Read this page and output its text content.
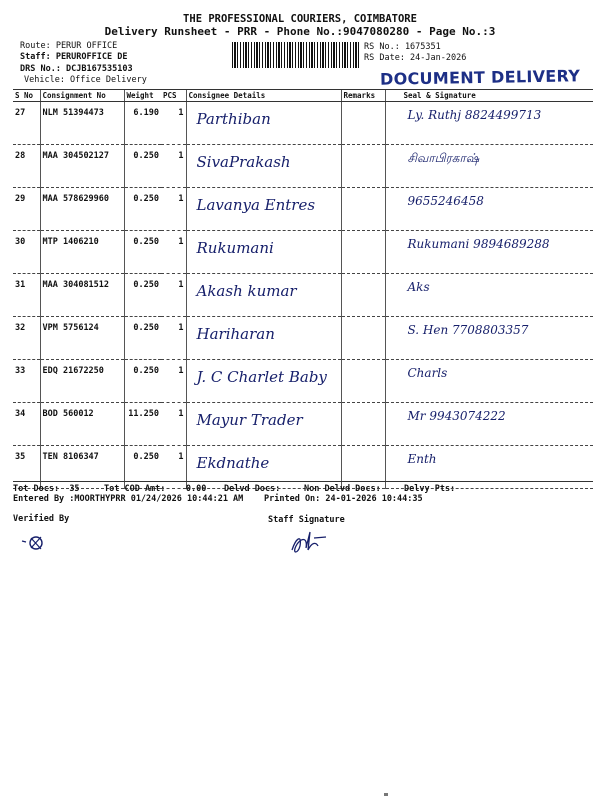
THE PROFESSIONAL COURIERS, COIMBATORE
Delivery Runsheet - PRR - Phone No.:9047080280 - Page No.:3
Route: PERUR OFFICE
Staff: PERUROFFICE DE
DRS No.: DCJB167535103
Vehicle: Office Delivery
RS No.: 1675351
RS Date: 24-Jan-2026
DOCUMENT DELIVERY
S No	Consignment No	Weight	PCS	Consignee Details	Remarks	Seal & Signature
27	NLM 51394473	6.190	1	Parthiban		Ly. Ruthj 8824499713
28	MAA 304502127	0.250	1	SivaPrakash		சிவாபிரகாஷ்
29	MAA 578629960	0.250	1	Lavanya Entres		9655246458
30	MTP 1406210	0.250	1	Rukumani		Rukumani 9894689288
31	MAA 304081512	0.250	1	Akash kumar		Aks
32	VPM 5756124	0.250	1	Hariharan		S. Hen 7708803357
33	EDQ 21672250	0.250	1	J. C Charlet Baby		Charls
34	BOD 560012	11.250	1	Mayur Trader		Mr 9943074222
35	TEN 8106347	0.250	1	Ekdnathe		Enth
Tot Docs: 35	Tot COD Amt: 0.00 Delvd Docs:	Non Delvd Docs:	Delvy Pts:
Entered By :MOORTHYPRR 01/24/2026 10:44:21 AM Printed On: 24-01-2026 10:44:35
Verified By	Staff Signature
